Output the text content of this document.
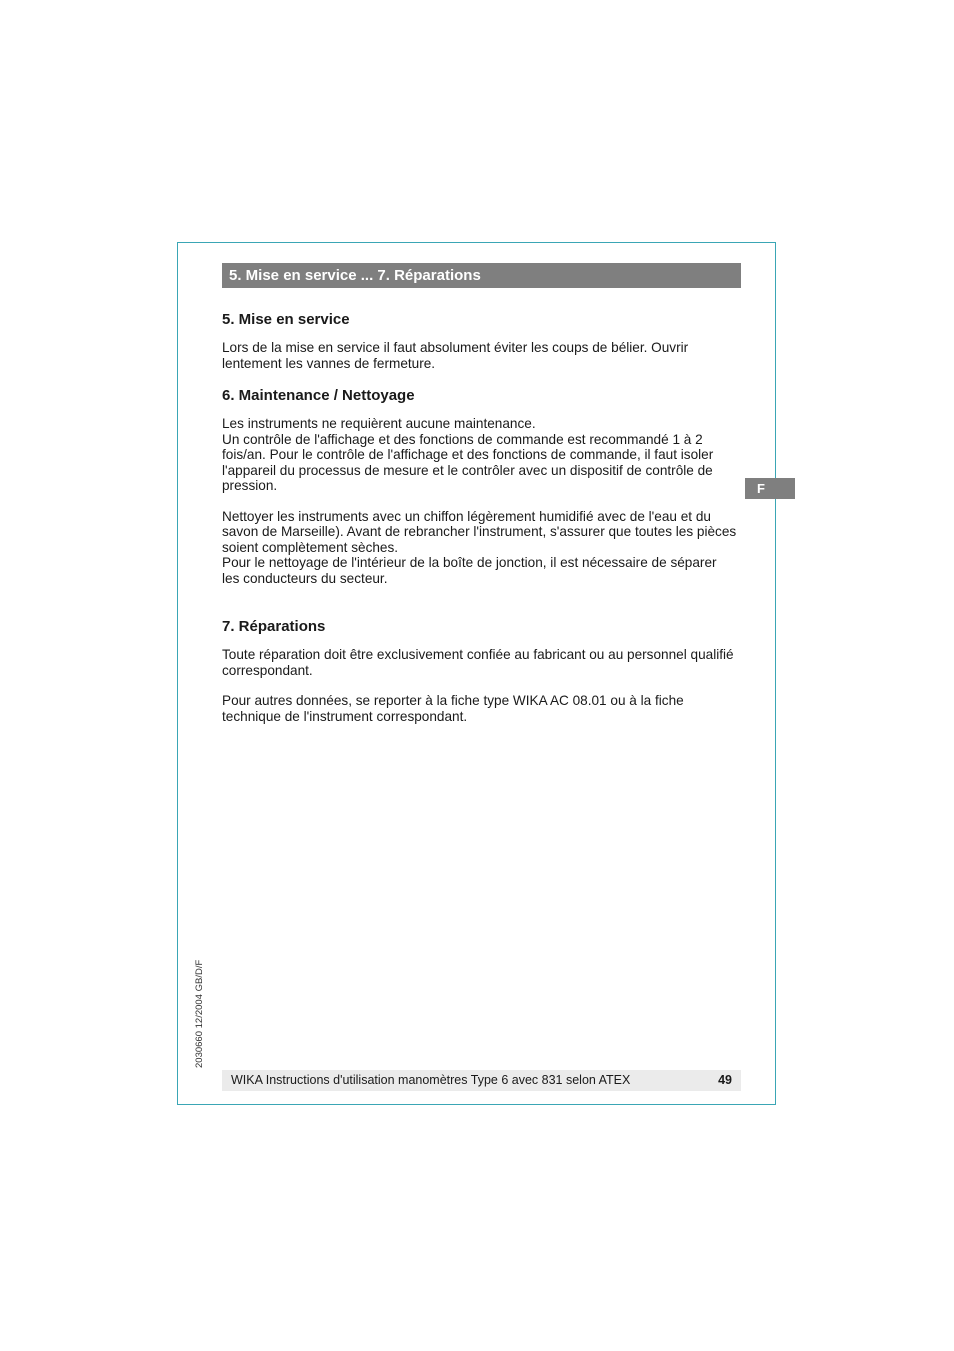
5. Mise en service ... 7. Réparations
F
5. Mise en service

Lors de la mise en service il faut absolument éviter les coups de bélier. Ouvrir lentement les vannes de fermeture.

6. Maintenance / Nettoyage

Les instruments ne requièrent aucune maintenance.

Un contrôle de l'affichage et des fonctions de commande est recommandé 1 à 2 fois/an. Pour le contrôle de l'affichage et des fonctions de commande, il faut isoler l'appareil du processus de mesure et le contrôler avec un dispositif de contrôle de pression.

Nettoyer les instruments avec un chiffon légèrement humidifié avec de l'eau et du savon de Marseille). Avant de rebrancher l'instrument, s'assurer que toutes les pièces soient complètement sèches.

Pour le nettoyage de l'intérieur de la boîte de jonction, il est nécessaire de séparer les conducteurs du secteur.

7. Réparations

Toute réparation doit être exclusivement confiée au fabricant ou au personnel qualifié correspondant.

Pour autres données, se reporter à la fiche type WIKA AC 08.01 ou à la fiche technique de l'instrument correspondant.

2030660 12/2004 GB/D/F
WIKA Instructions d'utilisation manomètres Type 6 avec 831 selon ATEX	49
